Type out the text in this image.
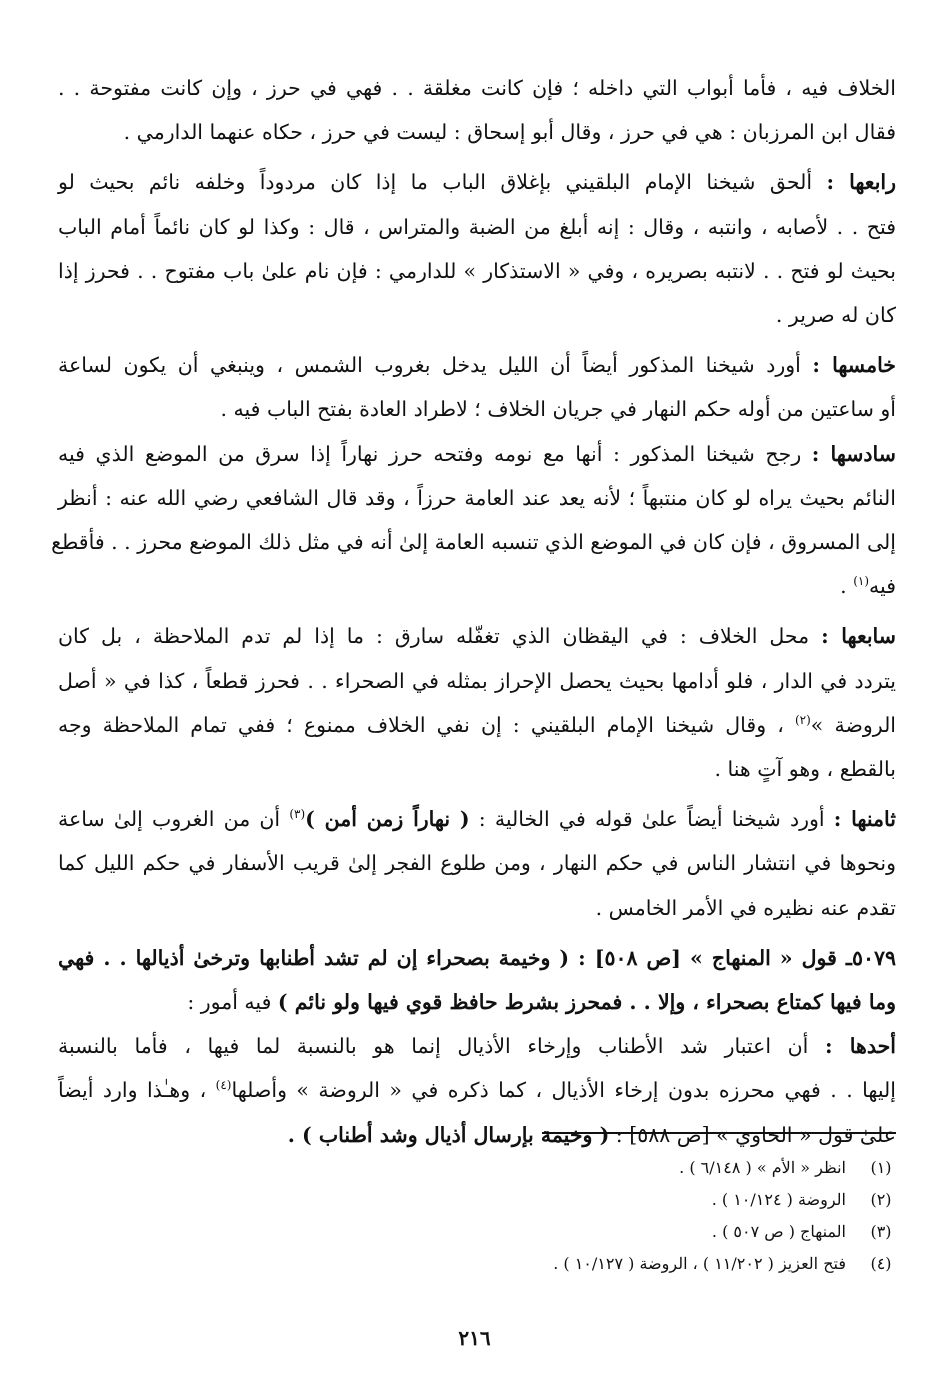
الخلاف فيه ، فأما أبواب التي داخله ؛ فإن كانت مغلقة . . فهي في حرز ، وإن كانت مفتوحة . .

فقال ابن المرزبان : هي في حرز ، وقال أبو إسحاق : ليست في حرز ، حكاه عنهما الدارمي .

رابعها : ألحق شيخنا الإمام البلقيني بإغلاق الباب ما إذا كان مردوداً وخلفه نائم بحيث لو

فتح . . لأصابه ، وانتبه ، وقال : إنه أبلغ من الضبة والمتراس ، قال : وكذا لو كان نائماً أمام الباب

بحيث لو فتح . . لانتبه بصريره ، وفي « الاستذكار » للدارمي : فإن نام علىٰ باب مفتوح . . فحرز إذا

كان له صرير .

خامسها : أورد شيخنا المذكور أيضاً أن الليل يدخل بغروب الشمس ، وينبغي أن يكون لساعة

أو ساعتين من أوله حكم النهار في جريان الخلاف ؛ لاطراد العادة بفتح الباب فيه .

سادسها : رجح شيخنا المذكور : أنها مع نومه وفتحه حرز نهاراً إذا سرق من الموضع الذي فيه

النائم بحيث يراه لو كان منتبهاً ؛ لأنه يعد عند العامة حرزاً ، وقد قال الشافعي رضي الله عنه : أنظر

إلى المسروق ، فإن كان في الموضع الذي تنسبه العامة إلىٰ أنه في مثل ذلك الموضع محرز . . فأقطع

فيه$^{(١)}$ .

سابعها : محل الخلاف : في اليقظان الذي تغفّله سارق : ما إذا لم تدم الملاحظة ، بل كان

يتردد في الدار ، فلو أدامها بحيث يحصل الإحراز بمثله في الصحراء . . فحرز قطعاً ، كذا في « أصل

الروضة »$^{(٢)}$ ، وقال شيخنا الإمام البلقيني : إن نفي الخلاف ممنوع ؛ ففي تمام الملاحظة وجه

بالقطع ، وهو آتٍ هنا .

ثامنها : أورد شيخنا أيضاً علىٰ قوله في الخالية : ( نهاراً زمن أمن )$^{(٣)}$ أن من الغروب إلىٰ ساعة

ونحوها في انتشار الناس في حكم النهار ، ومن طلوع الفجر إلىٰ قريب الأسفار في حكم الليل كما

تقدم عنه نظيره في الأمر الخامس .

٥٠٧٩ـ قول « المنهاج » [ص ٥٠٨] : ( وخيمة بصحراء إن لم تشد أطنابها وترخىٰ أذيالها . . فهي

وما فيها كمتاع بصحراء ، وإلا . . فمحرز بشرط حافظ قوي فيها ولو نائم ) فيه أمور :

أحدها : أن اعتبار شد الأطناب وإرخاء الأذيال إنما هو بالنسبة لما فيها ، فأما بالنسبة

إليها . . فهي محرزه بدون إرخاء الأذيال ، كما ذكره في « الروضة » وأصلها$^{(٤)}$ ، وهـٰذا وارد أيضاً

علىٰ قول « الحاوي » [ص ٥٨٨] : ( وخيمة بإرسال أذيال وشد أطناب ) .

(١)
انظر « الأم » ( ٦/١٤٨ ) .
(٢)
الروضة ( ١٠/١٢٤ ) .
(٣)
المنهاج ( ص ٥٠٧ ) .
(٤)
فتح العزيز ( ١١/٢٠٢ ) ، الروضة ( ١٠/١٢٧ ) .
٢١٦
